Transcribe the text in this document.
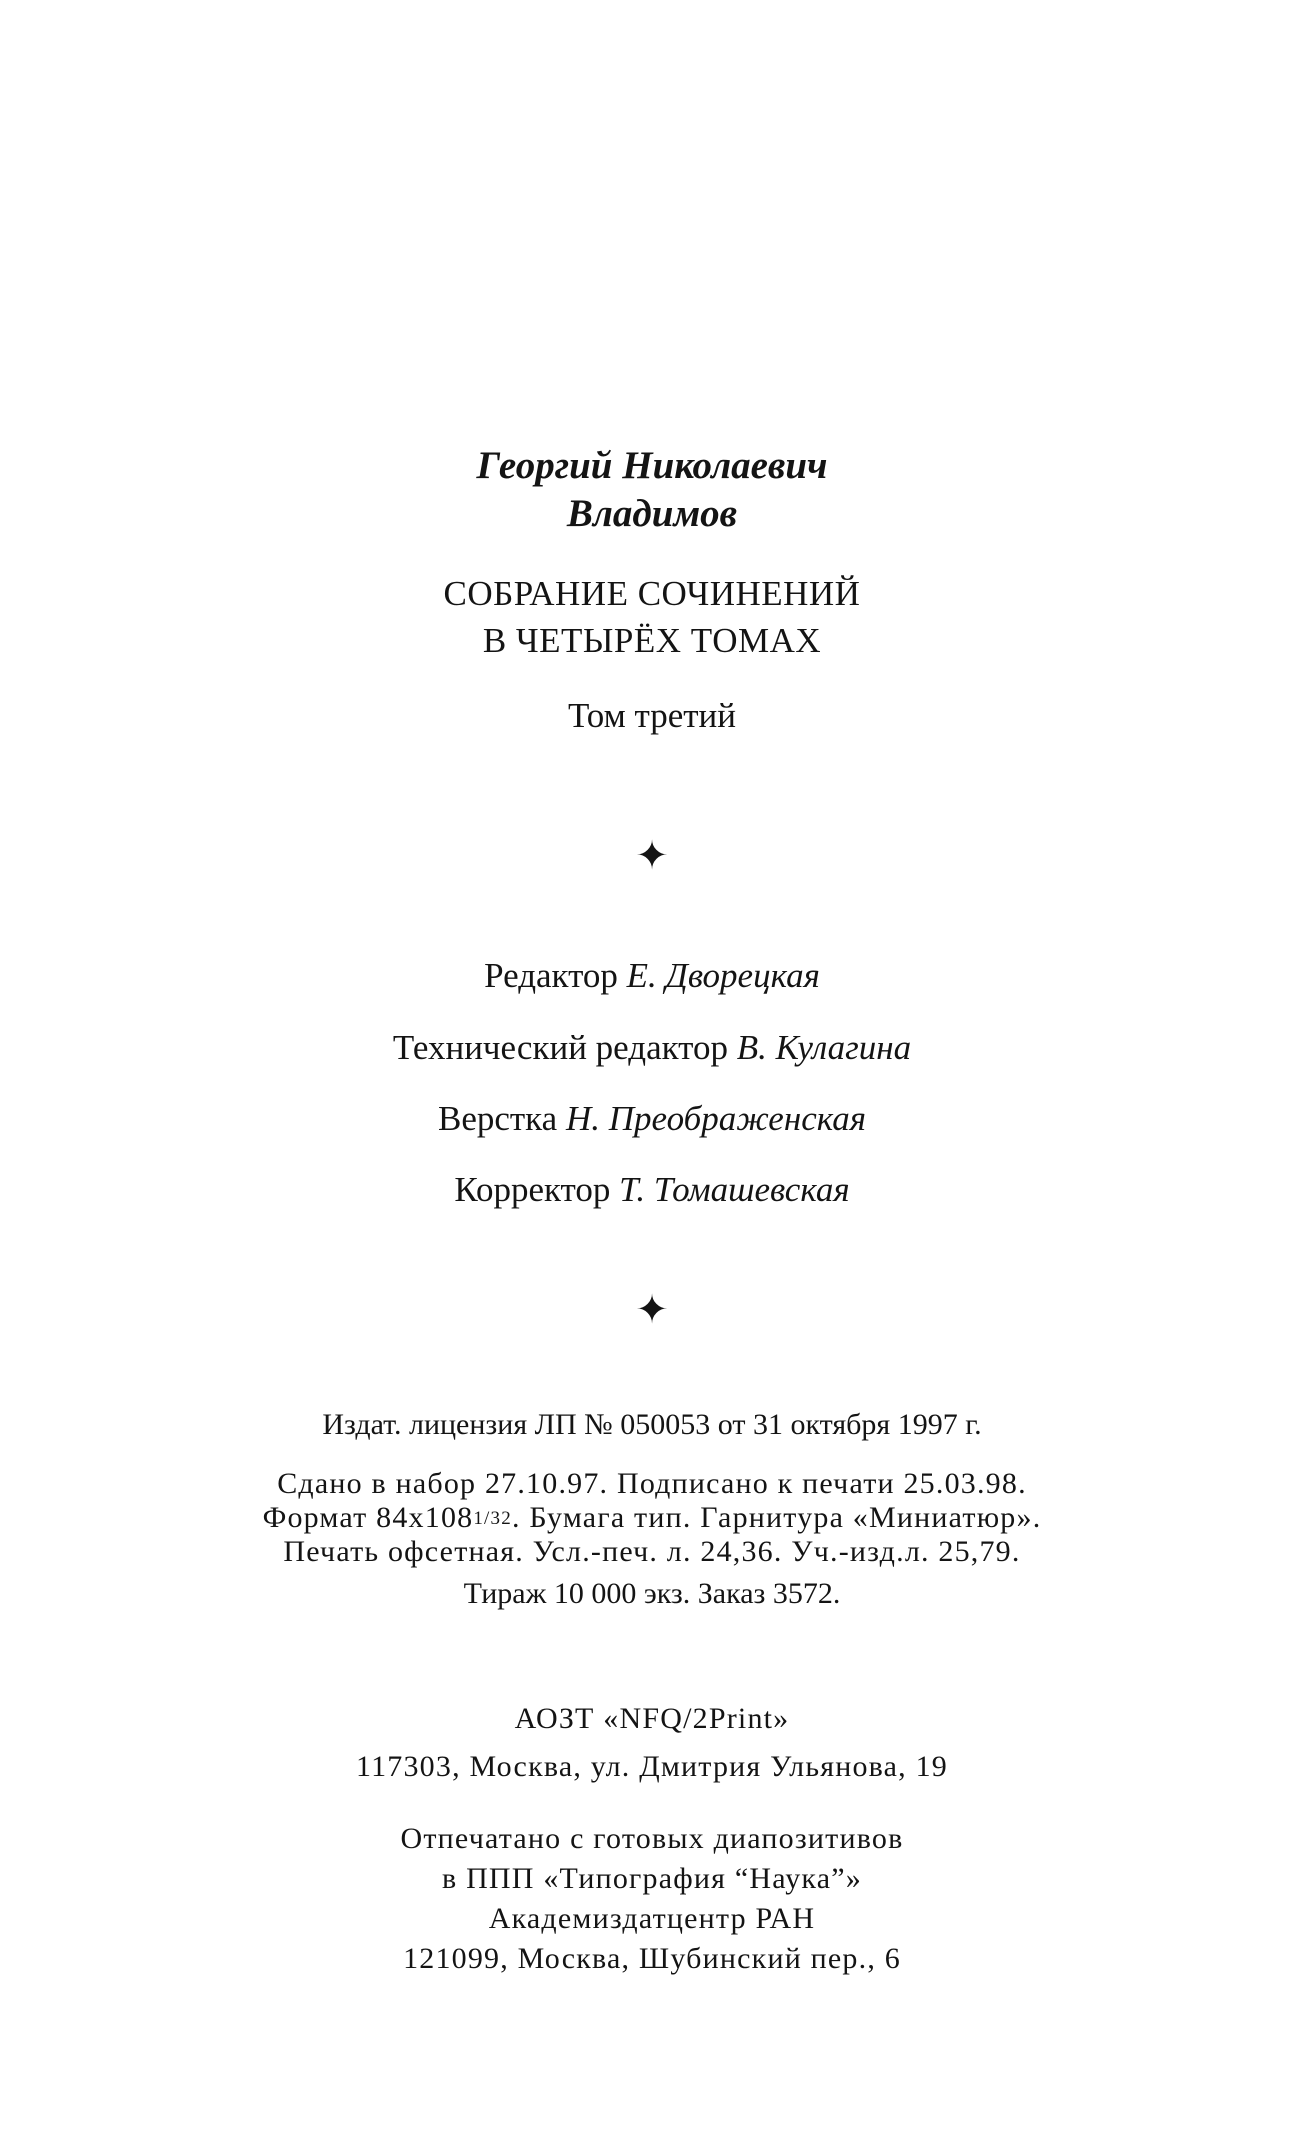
Георгий Николаевич
Владимов
СОБРАНИЕ СОЧИНЕНИЙ
В ЧЕТЫРЁХ ТОМАХ
Том третий
✦
Редактор Е. Дворецкая
Технический редактор В. Кулагина
Верстка Н. Преображенская
Корректор Т. Томашевская
✦
Издат. лицензия ЛП № 050053 от 31 октября 1997 г.
Сдано в набор 27.10.97. Подписано к печати 25.03.98.
Формат 84х1081/32. Бумага тип. Гарнитура «Миниатюр».
Печать офсетная. Усл.-печ. л. 24,36. Уч.-изд.л. 25,79.
Тираж 10 000 экз. Заказ 3572.
АОЗТ «NFQ/2Print»
117303, Москва, ул. Дмитрия Ульянова, 19
Отпечатано с готовых диапозитивов
в ППП «Типография “Наука”»
Академиздатцентр РАН
121099, Москва, Шубинский пер., 6
